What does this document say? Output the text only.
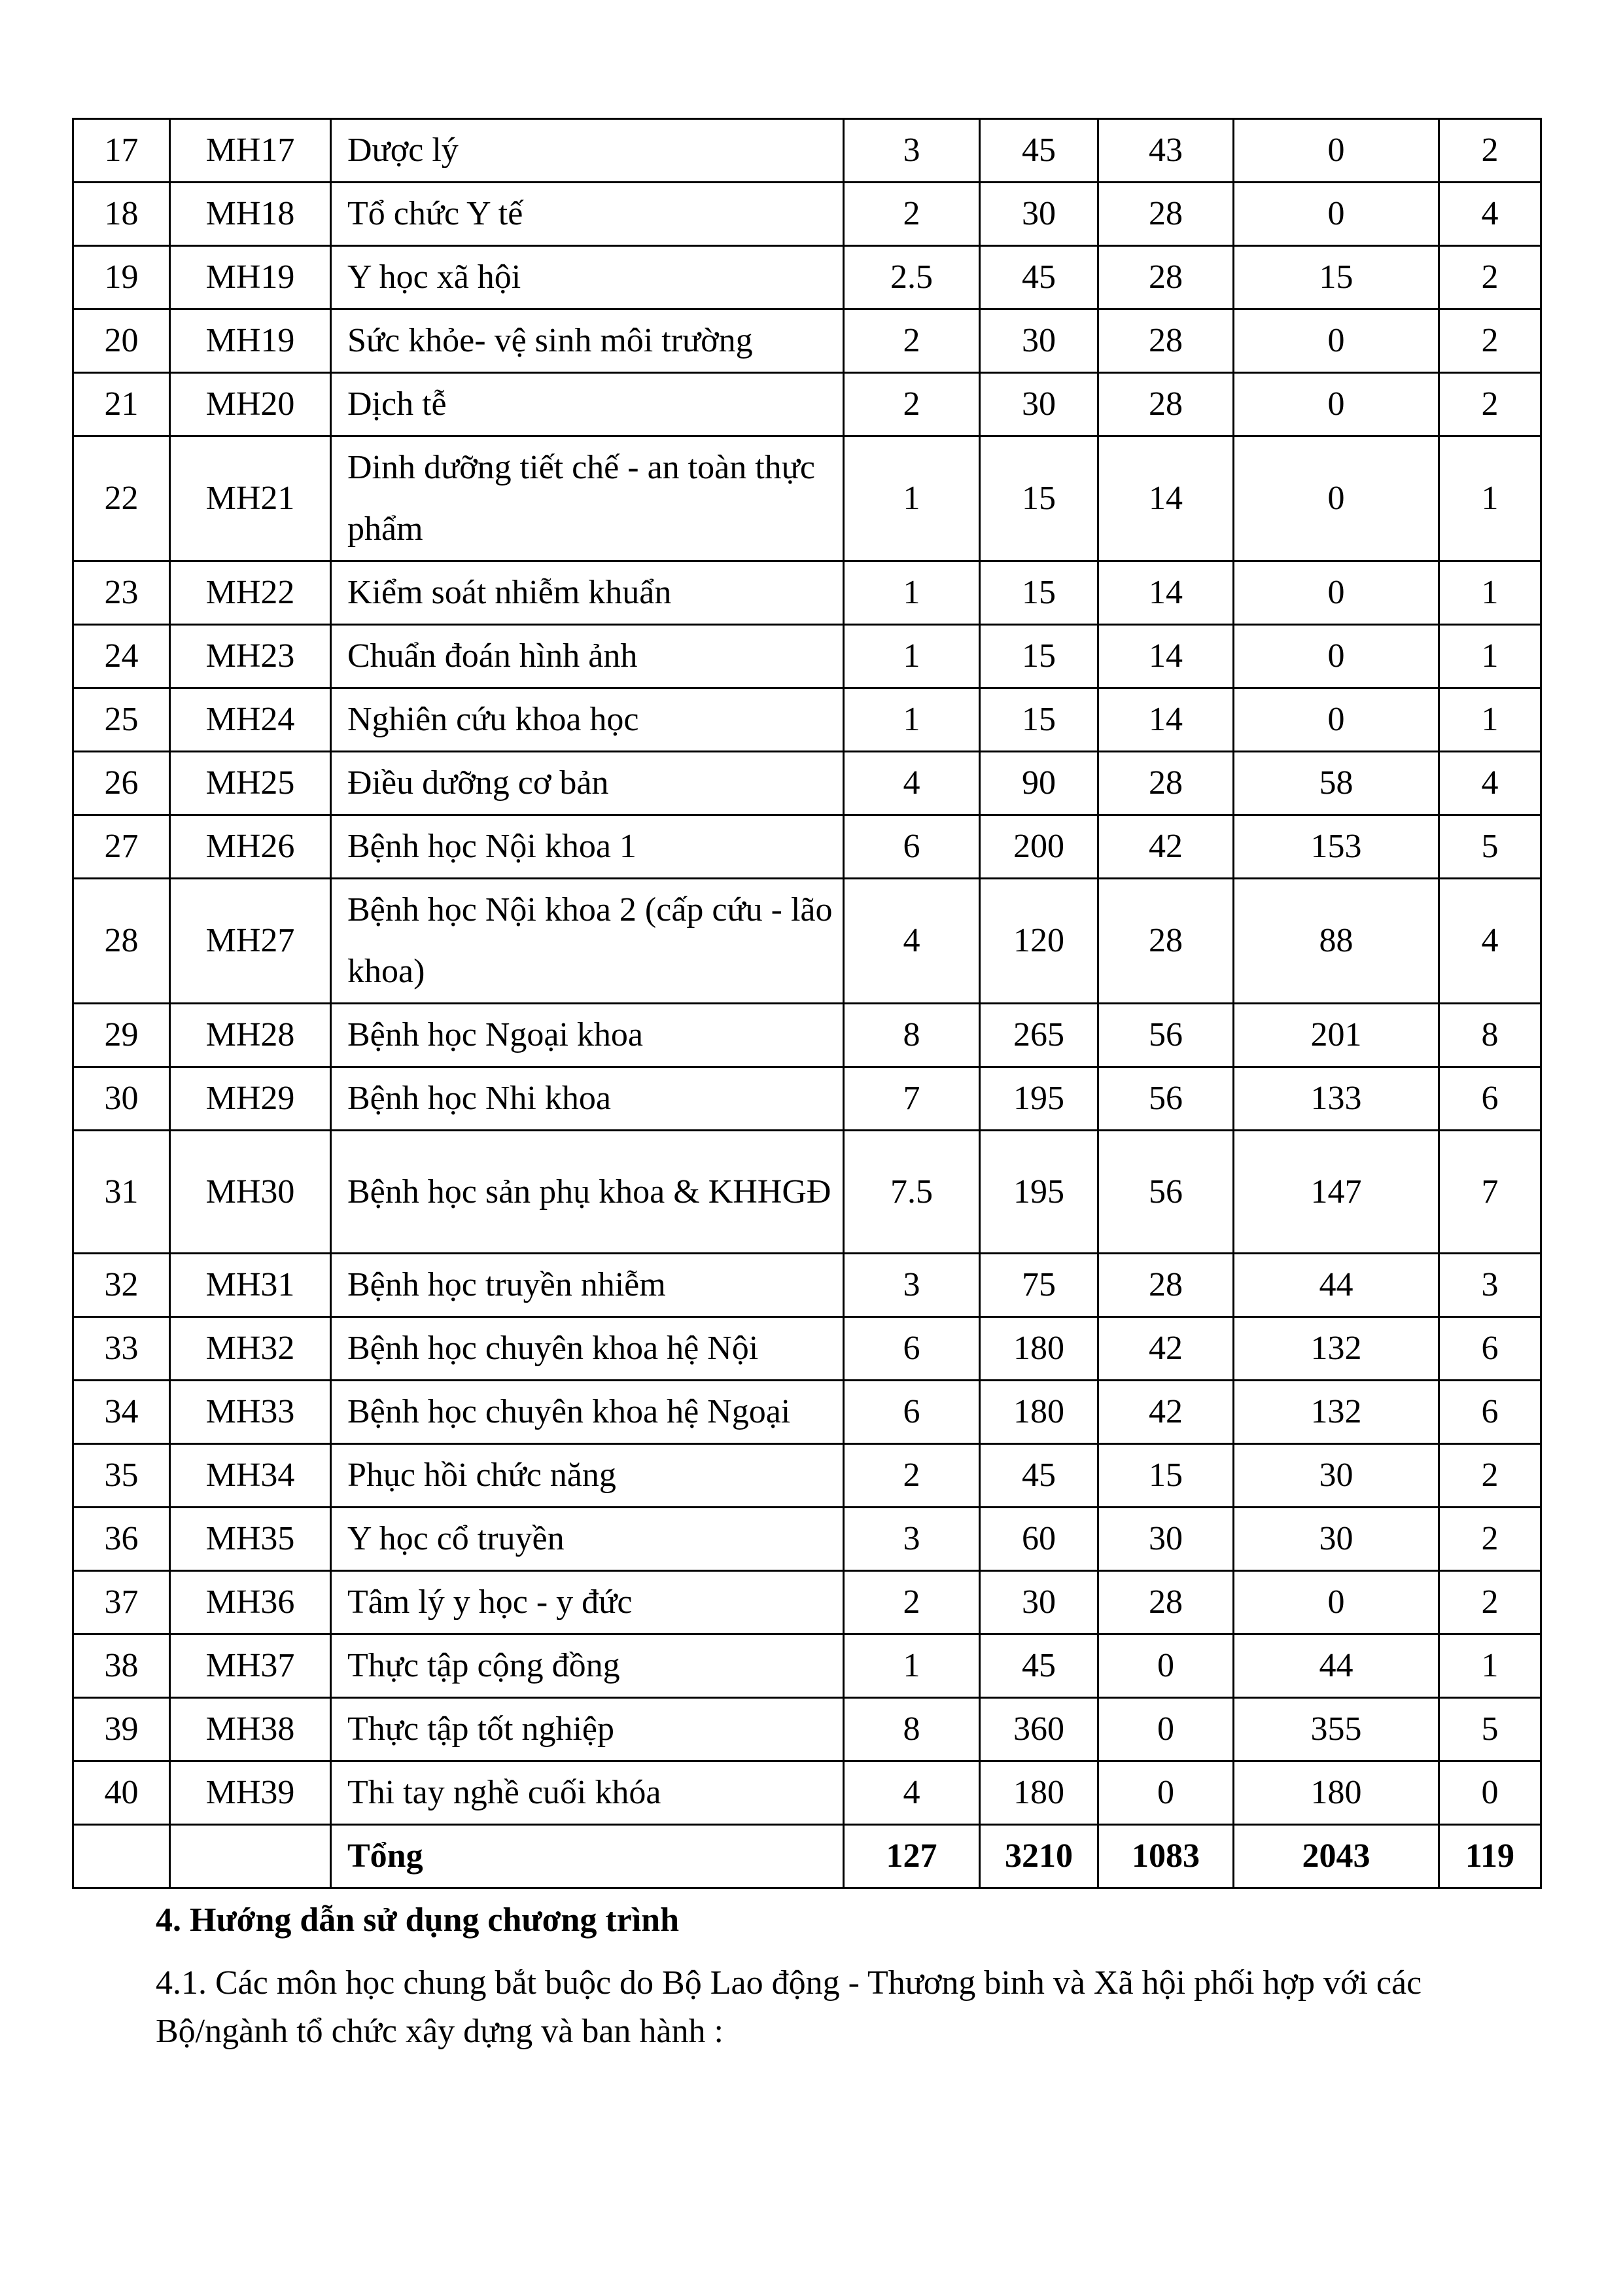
17	MH17	Dược lý	3	45	43	0	2
18	MH18	Tổ chức Y tế	2	30	28	0	4
19	MH19	Y học xã hội	2.5	45	28	15	2
20	MH19	Sức khỏe- vệ sinh môi trường	2	30	28	0	2
21	MH20	Dịch tễ	2	30	28	0	2
22	MH21	Dinh dưỡng tiết chế - an toàn thực phẩm	1	15	14	0	1
23	MH22	Kiểm soát nhiễm khuẩn	1	15	14	0	1
24	MH23	Chuẩn đoán hình ảnh	1	15	14	0	1
25	MH24	Nghiên cứu khoa học	1	15	14	0	1
26	MH25	Điều dưỡng cơ bản	4	90	28	58	4
27	MH26	Bệnh học Nội khoa 1	6	200	42	153	5
28	MH27	Bệnh học Nội khoa 2 (cấp cứu - lão khoa)	4	120	28	88	4
29	MH28	Bệnh học Ngoại khoa	8	265	56	201	8
30	MH29	Bệnh học Nhi khoa	7	195	56	133	6
31	MH30	Bệnh học sản phụ khoa & KHHGĐ	7.5	195	56	147	7
32	MH31	Bệnh học truyền nhiễm	3	75	28	44	3
33	MH32	Bệnh học chuyên khoa hệ Nội	6	180	42	132	6
34	MH33	Bệnh học chuyên khoa hệ Ngoại	6	180	42	132	6
35	MH34	Phục hồi chức năng	2	45	15	30	2
36	MH35	Y học cổ truyền	3	60	30	30	2
37	MH36	Tâm lý y học - y đức	2	30	28	0	2
38	MH37	Thực tập cộng đồng	1	45	0	44	1
39	MH38	Thực tập tốt nghiệp	8	360	0	355	5
40	MH39	Thi tay nghề cuối khóa	4	180	0	180	0
		Tổng	127	3210	1083	2043	119

4. Hướng dẫn sử dụng chương trình

4.1. Các môn học chung bắt buộc do Bộ Lao động - Thương binh và Xã hội phối hợp với các Bộ/ngành tổ chức xây dựng và ban hành :
